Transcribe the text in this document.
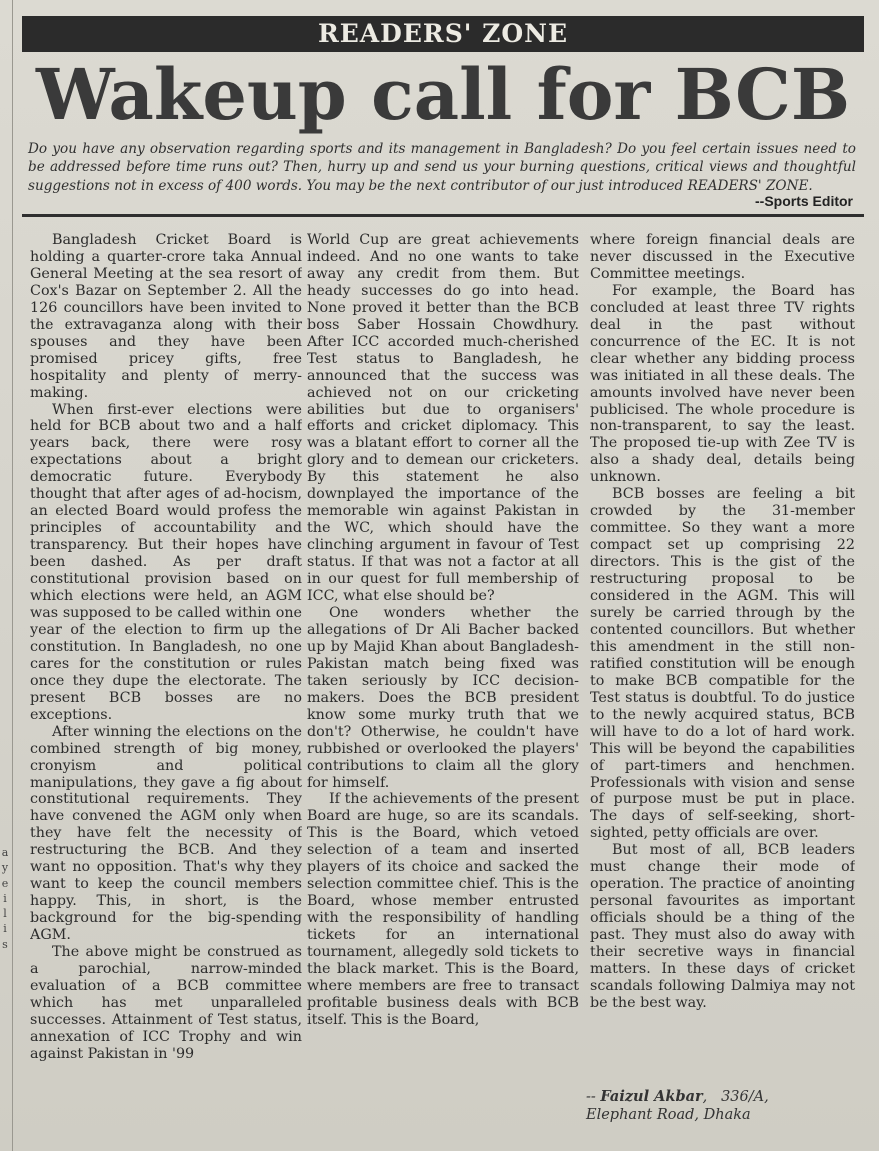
a
y
e
i
l
i
s
READERS' ZONE
Wakeup call for BCB
Do you have any observation regarding sports and its management in Bangladesh? Do you feel certain issues need to be addressed before time runs out? Then, hurry up and send us your burning questions, critical views and thoughtful suggestions not in excess of 400 words. You may be the next contributor of our just introduced READERS' ZONE.
--Sports Editor

Bangladesh Cricket Board is holding a quarter-crore taka Annual General Meeting at the sea resort of Cox's Bazar on September 2. All the 126 councillors have been invited to the extravaganza along with their spouses and they have been promised pricey gifts, free hospitality and plenty of merry-making.

When first-ever elections were held for BCB about two and a half years back, there were rosy expectations about a bright democratic future. Everybody thought that after ages of ad-hocism, an elected Board would profess the principles of accountability and transparency. But their hopes have been dashed. As per draft constitutional provision based on which elections were held, an AGM was supposed to be called within one year of the election to firm up the constitution. In Bangladesh, no one cares for the constitution or rules once they dupe the electorate. The present BCB bosses are no exceptions.

After winning the elections on the combined strength of big money, cronyism and political manipulations, they gave a fig about constitutional requirements. They have convened the AGM only when they have felt the necessity of restructuring the BCB. And they want no opposition. That's why they want to keep the council members happy. This, in short, is the background for the big-spending AGM.

The above might be construed as a parochial, narrow-minded evaluation of a BCB committee which has met unparalleled successes. Attainment of Test status, annexation of ICC Trophy and win against Pakistan in '99

World Cup are great achievements indeed. And no one wants to take away any credit from them. But heady successes do go into head. None proved it better than the BCB boss Saber Hossain Chowdhury. After ICC accorded much-cherished Test status to Bangladesh, he announced that the success was achieved not on our cricketing abilities but due to organisers' efforts and cricket diplomacy. This was a blatant effort to corner all the glory and to demean our cricketers. By this statement he also downplayed the importance of the memorable win against Pakistan in the WC, which should have the clinching argument in favour of Test status. If that was not a factor at all in our quest for full membership of ICC, what else should be?

One wonders whether the allegations of Dr Ali Bacher backed up by Majid Khan about Bangladesh-Pakistan match being fixed was taken seriously by ICC decision-makers. Does the BCB president know some murky truth that we don't? Otherwise, he couldn't have rubbished or overlooked the players' contributions to claim all the glory for himself.

If the achievements of the present Board are huge, so are its scandals. This is the Board, which vetoed selection of a team and inserted players of its choice and sacked the selection committee chief. This is the Board, whose member entrusted with the responsibility of handling tickets for an international tournament, allegedly sold tickets to the black market. This is the Board, where members are free to transact profitable business deals with BCB itself. This is the Board,

where foreign financial deals are never discussed in the Executive Committee meetings.

For example, the Board has concluded at least three TV rights deal in the past without concurrence of the EC. It is not clear whether any bidding process was initiated in all these deals. The amounts involved have never been publicised. The whole procedure is non-transparent, to say the least. The proposed tie-up with Zee TV is also a shady deal, details being unknown.

BCB bosses are feeling a bit crowded by the 31-member committee. So they want a more compact set up comprising 22 directors. This is the gist of the restructuring proposal to be considered in the AGM. This will surely be carried through by the contented councillors. But whether this amendment in the still non-ratified constitution will be enough to make BCB compatible for the Test status is doubtful. To do justice to the newly acquired status, BCB will have to do a lot of hard work. This will be beyond the capabilities of part-timers and henchmen. Professionals with vision and sense of purpose must be put in place. The days of self-seeking, short-sighted, petty officials are over.

But most of all, BCB leaders must change their mode of operation. The practice of anointing personal favourites as important officials should be a thing of the past. They must also do away with their secretive ways in financial matters. In these days of cricket scandals following Dalmiya may not be the best way.

-- Faizul Akbar,   336/A,
Elephant Road, Dhaka
